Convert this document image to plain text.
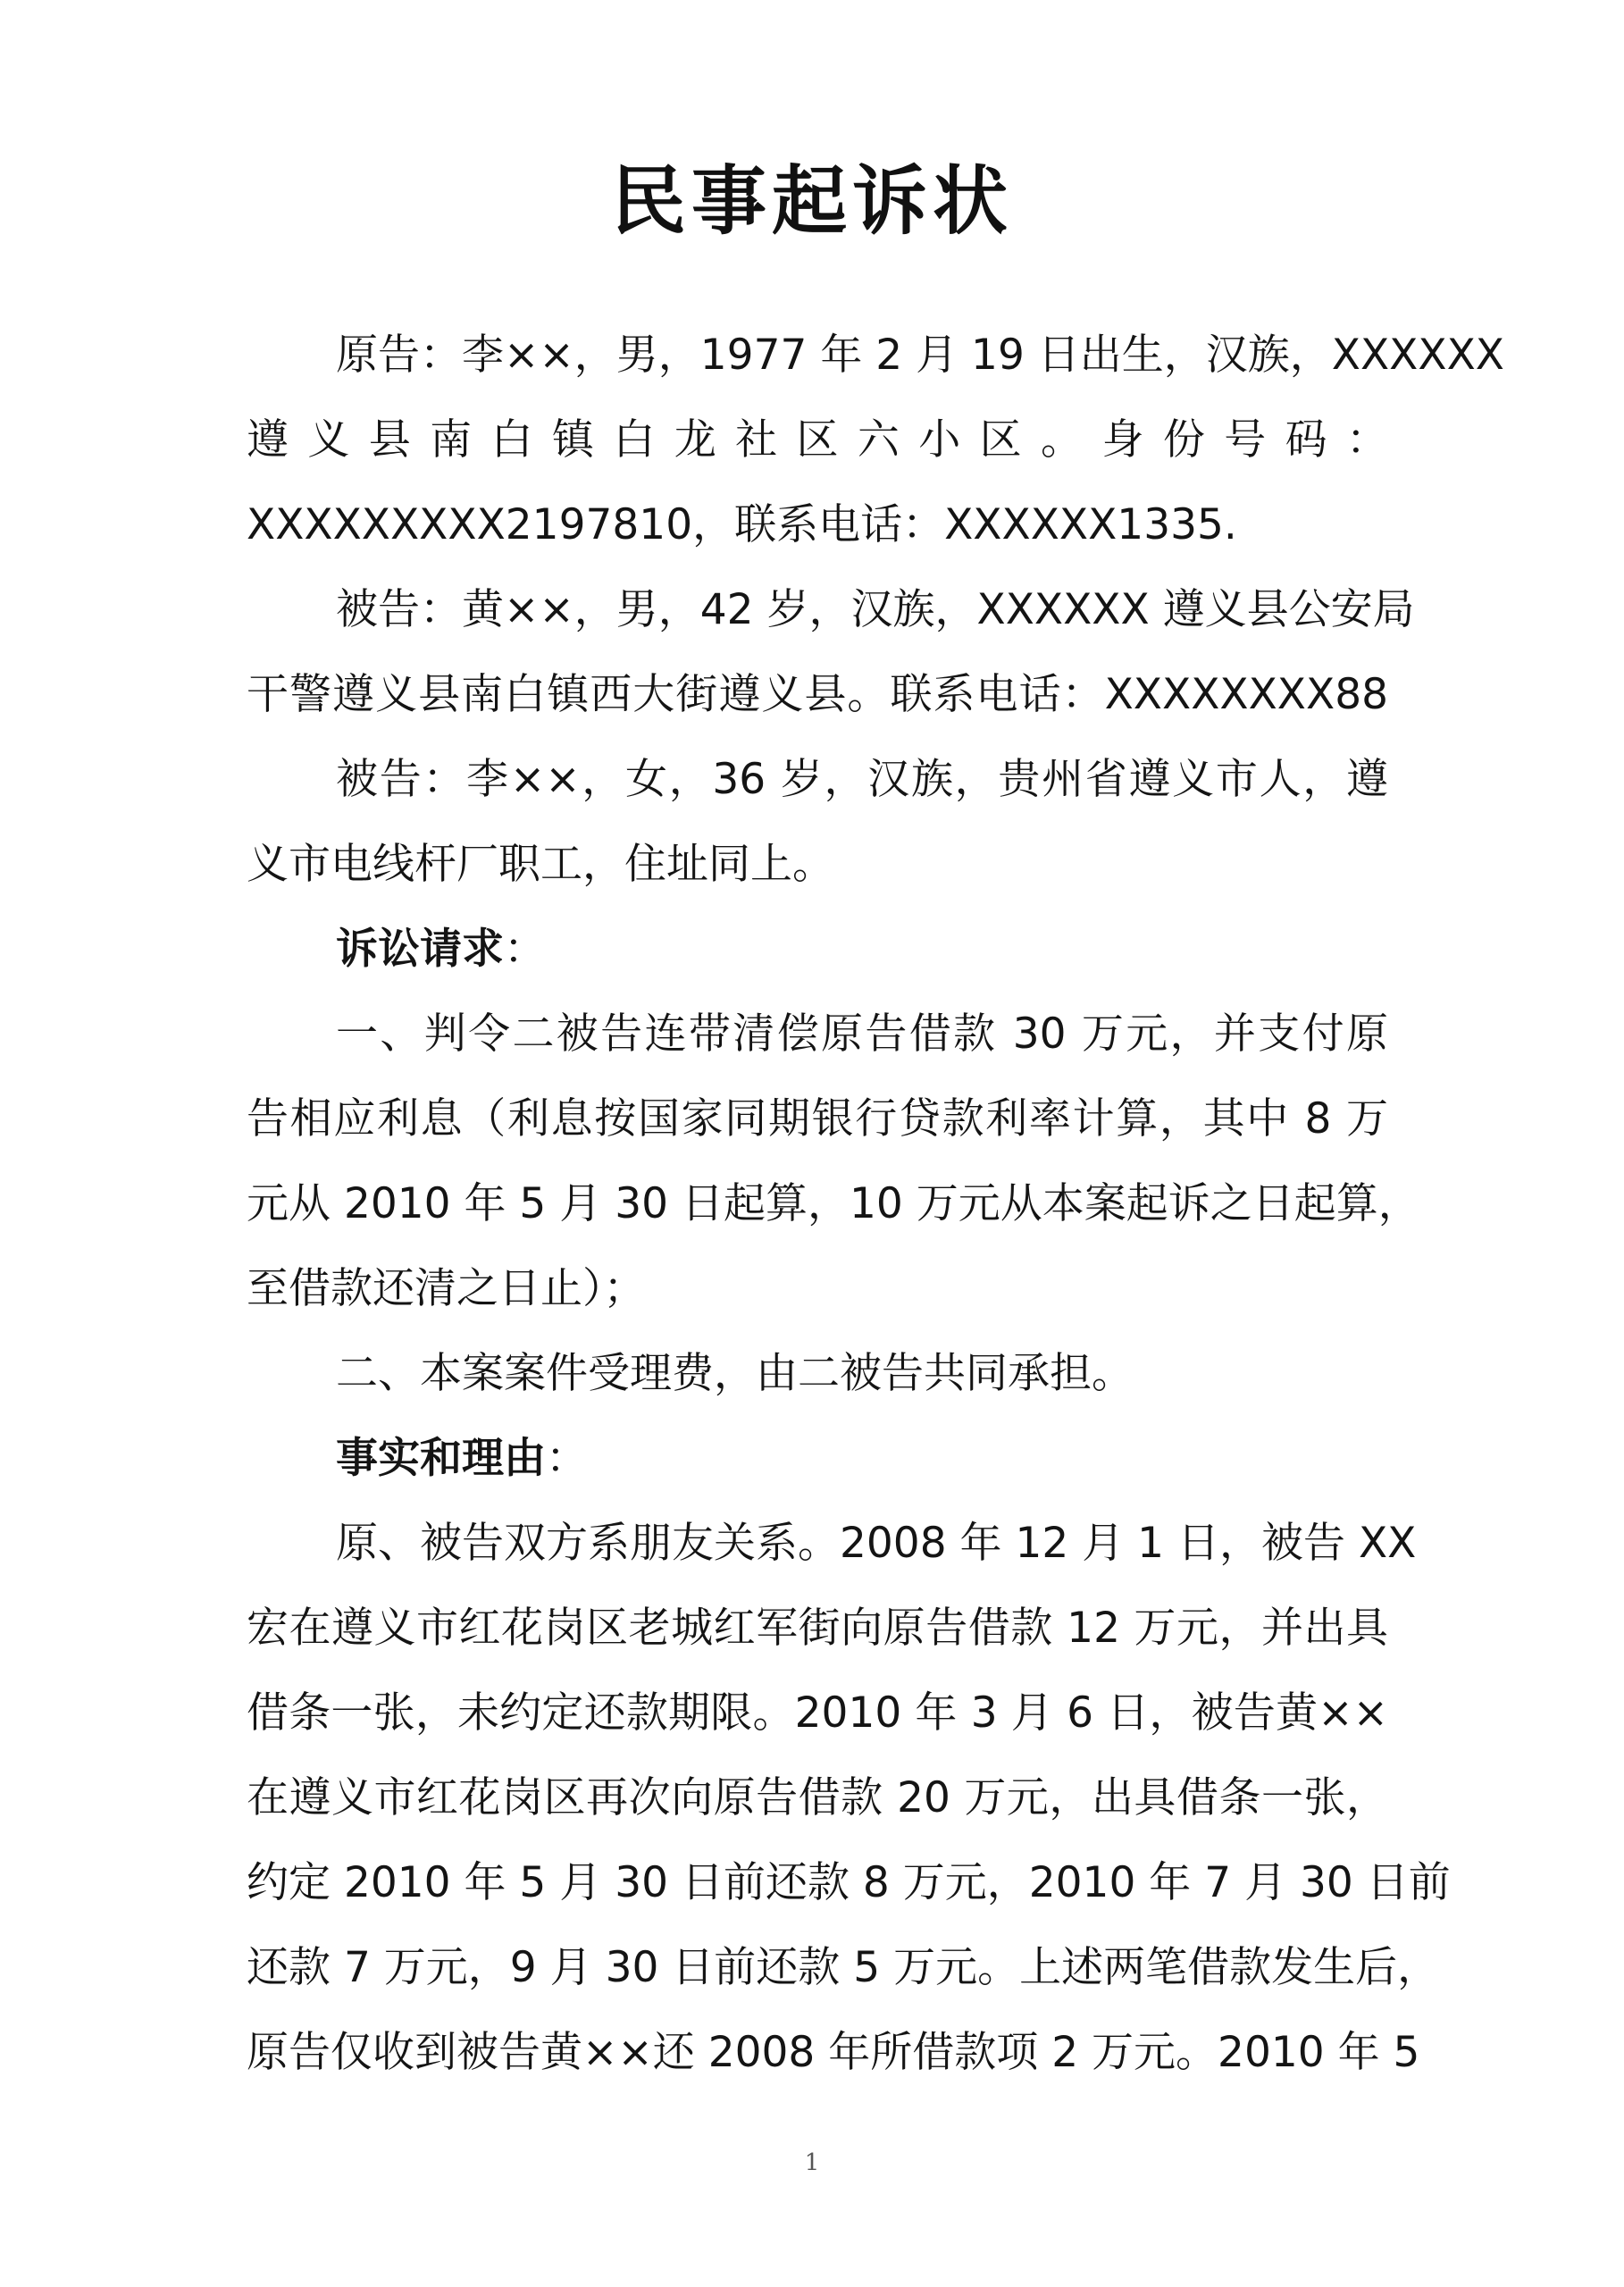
民事起诉状
原告：李××，男，1977 年 2 月 19 日出生，汉族，XXXXXX
遵义县南白镇白龙社区六小区。身份号码：
XXXXXXXXX2197810，联系电话：XXXXXX1335.
被告：黄××，男，42 岁，汉族，XXXXXX 遵义县公安局
干警遵义县南白镇西大街遵义县。联系电话：XXXXXXXX88
被告：李××，女，36 岁，汉族，贵州省遵义市人，遵
义市电线杆厂职工，住址同上。
诉讼请求：
一、判令二被告连带清偿原告借款 30 万元，并支付原
告相应利息（利息按国家同期银行贷款利率计算，其中 8 万
元从 2010 年 5 月 30 日起算，10 万元从本案起诉之日起算，
至借款还清之日止）；
二、本案案件受理费，由二被告共同承担。
事实和理由：
原、被告双方系朋友关系。2008 年 12 月 1 日，被告 XX
宏在遵义市红花岗区老城红军街向原告借款 12 万元，并出具
借条一张，未约定还款期限。2010 年 3 月 6 日，被告黄××
在遵义市红花岗区再次向原告借款 20 万元，出具借条一张，
约定 2010 年 5 月 30 日前还款 8 万元，2010 年 7 月 30 日前
还款 7 万元，9 月 30 日前还款 5 万元。上述两笔借款发生后，
原告仅收到被告黄××还 2008 年所借款项 2 万元。2010 年 5
1
